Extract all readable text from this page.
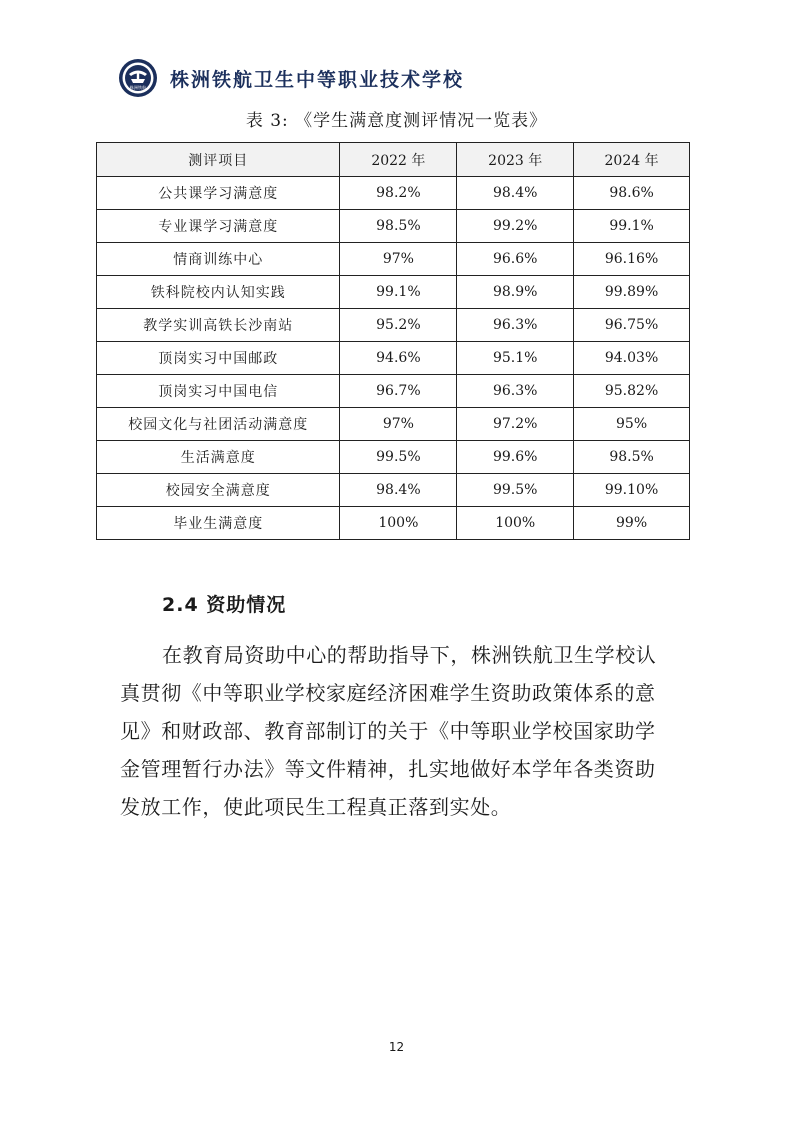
株洲铁航 株洲铁航卫生中等职业技术学校
表 3: 《学生满意度测评情况一览表》
测评项目	2022 年	2023 年	2024 年
公共课学习满意度	98.2%	98.4%	98.6%
专业课学习满意度	98.5%	99.2%	99.1%
情商训练中心	97%	96.6%	96.16%
铁科院校内认知实践	99.1%	98.9%	99.89%
教学实训高铁长沙南站	95.2%	96.3%	96.75%
顶岗实习中国邮政	94.6%	95.1%	94.03%
顶岗实习中国电信	96.7%	96.3%	95.82%
校园文化与社团活动满意度	97%	97.2%	95%
生活满意度	99.5%	99.6%	98.5%
校园安全满意度	98.4%	99.5%	99.10%
毕业生满意度	100%	100%	99%
2.4 资助情况
在教育局资助中心的帮助指导下，株洲铁航卫生学校认
真贯彻《中等职业学校家庭经济困难学生资助政策体系的意
见》和财政部、教育部制订的关于《中等职业学校国家助学
金管理暂行办法》等文件精神，扎实地做好本学年各类资助
发放工作，使此项民生工程真正落到实处。
12
